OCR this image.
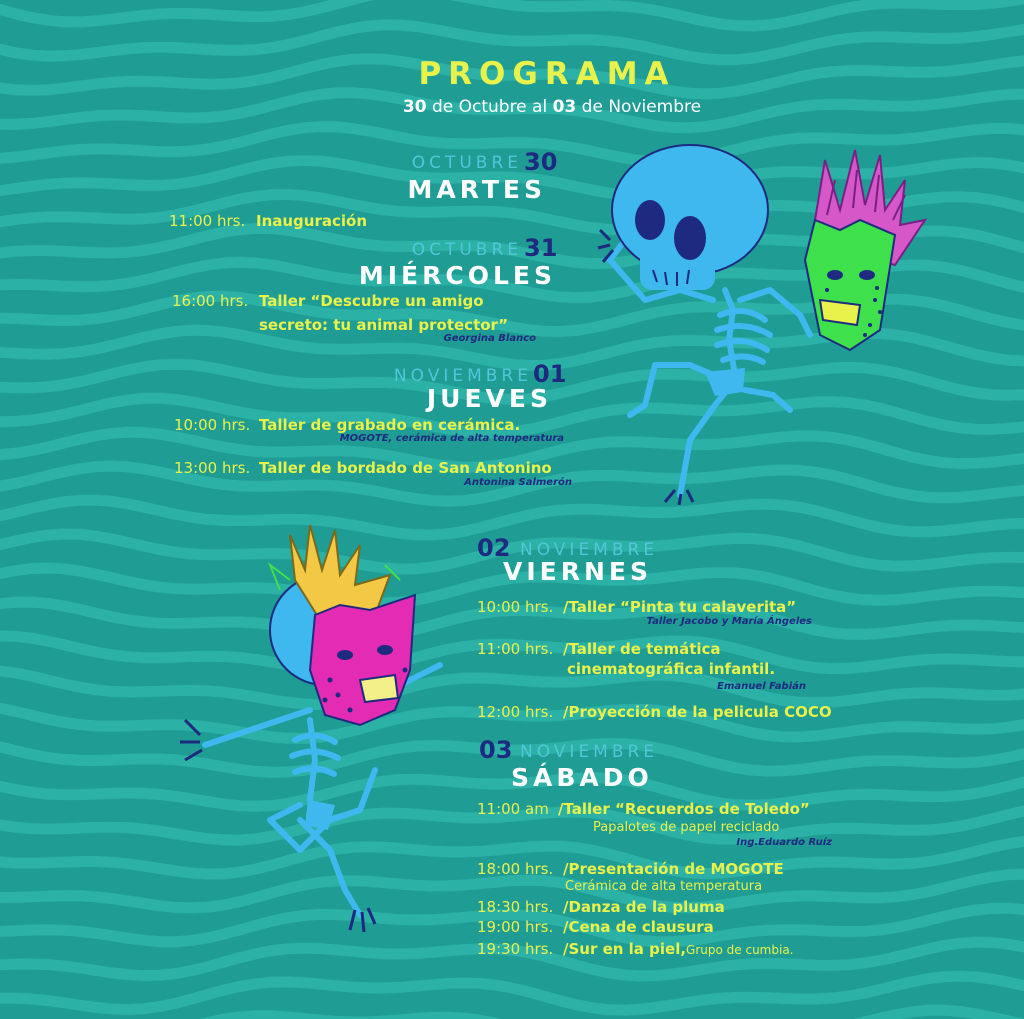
PROGRAMA
30 de Octubre al 03 de Noviembre
OCTUBRE 30
MARTES
11:00 hrs. Inauguración
OCTUBRE 31
MIÉRCOLES
16:00 hrs. Taller “Descubre un amigo
secreto: tu animal protector”
Georgina Blanco
NOVIEMBRE 01
JUEVES
10:00 hrs. Taller de grabado en cerámica.
MOGOTE, cerámica de alta temperatura
13:00 hrs. Taller de bordado de San Antonino
Antonina Salmerón
02 NOVIEMBRE
VIERNES
10:00 hrs. /Taller “Pinta tu calaverita”
Taller Jacobo y María Ángeles
11:00 hrs. /Taller de temática
cinematográfica infantil.
Emanuel Fabián
12:00 hrs. /Proyección de la pelicula COCO
03 NOVIEMBRE
SÁBADO
11:00 am /Taller “Recuerdos de Toledo”
Papalotes de papel reciclado
Ing.Eduardo Ruíz
18:00 hrs. /Presentación de MOGOTE
Cerámica de alta temperatura
18:30 hrs. /Danza de la pluma
19:00 hrs. /Cena de clausura
19:30 hrs. /Sur en la piel,Grupo de cumbia.
